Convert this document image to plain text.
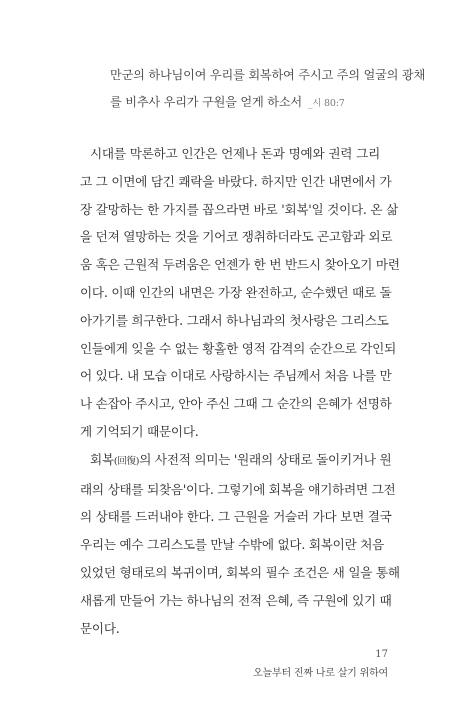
만군의 하나님이여 우리를 회복하여 주시고 주의 얼굴의 광채
를 비추사 우리가 구원을 얻게 하소서 _시 80:7
시대를 막론하고 인간은 언제나 돈과 명예와 권력 그리
고 그 이면에 담긴 쾌락을 바랐다. 하지만 인간 내면에서 가
장 갈망하는 한 가지를 꼽으라면 바로 '회복'일 것이다. 온 삶
을 던져 열망하는 것을 기어코 쟁취하더라도 곤고함과 외로
움 혹은 근원적 두려움은 언젠가 한 번 반드시 찾아오기 마련
이다. 이때 인간의 내면은 가장 완전하고, 순수했던 때로 돌
아가기를 희구한다. 그래서 하나님과의 첫사랑은 그리스도
인들에게 잊을 수 없는 황홀한 영적 감격의 순간으로 각인되
어 있다. 내 모습 이대로 사랑하시는 주님께서 처음 나를 만
나 손잡아 주시고, 안아 주신 그때 그 순간의 은혜가 선명하
게 기억되기 때문이다.
회복(回復)의 사전적 의미는 '원래의 상태로 돌이키거나 원
래의 상태를 되찾음'이다. 그렇기에 회복을 얘기하려면 그전
의 상태를 드러내야 한다. 그 근원을 거슬러 가다 보면 결국
우리는 예수 그리스도를 만날 수밖에 없다. 회복이란 처음
있었던 형태로의 복귀이며, 회복의 필수 조건은 새 일을 통해
새롭게 만들어 가는 하나님의 전적 은혜, 즉 구원에 있기 때
문이다.
17
오늘부터 진짜 나로 살기 위하여
